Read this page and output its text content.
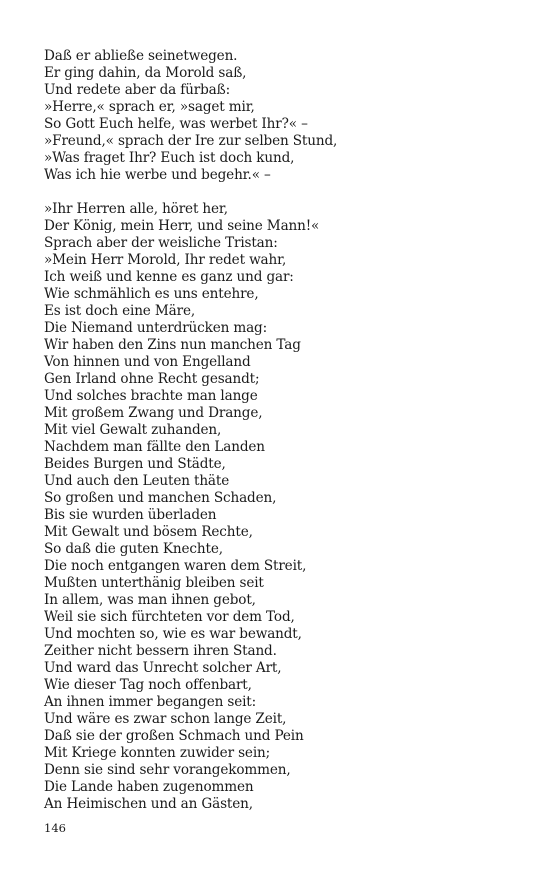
Daß er abließe seinetwegen.
Er ging dahin, da Morold saß,
Und redete aber da fürbaß:
»Herre,« sprach er, »saget mir,
So Gott Euch helfe, was werbet Ihr?« –
»Freund,« sprach der Ire zur selben Stund,
»Was fraget Ihr? Euch ist doch kund,
Was ich hie werbe und begehr.« –
»Ihr Herren alle, höret her,
Der König, mein Herr, und seine Mann!«
Sprach aber der weisliche Tristan:
»Mein Herr Morold, Ihr redet wahr,
Ich weiß und kenne es ganz und gar:
Wie schmählich es uns entehre,
Es ist doch eine Märe,
Die Niemand unterdrücken mag:
Wir haben den Zins nun manchen Tag
Von hinnen und von Engelland
Gen Irland ohne Recht gesandt;
Und solches brachte man lange
Mit großem Zwang und Drange,
Mit viel Gewalt zuhanden,
Nachdem man fällte den Landen
Beides Burgen und Städte,
Und auch den Leuten thäte
So großen und manchen Schaden,
Bis sie wurden überladen
Mit Gewalt und bösem Rechte,
So daß die guten Knechte,
Die noch entgangen waren dem Streit,
Mußten unterthänig bleiben seit
In allem, was man ihnen gebot,
Weil sie sich fürchteten vor dem Tod,
Und mochten so, wie es war bewandt,
Zeither nicht bessern ihren Stand.
Und ward das Unrecht solcher Art,
Wie dieser Tag noch offenbart,
An ihnen immer begangen seit:
Und wäre es zwar schon lange Zeit,
Daß sie der großen Schmach und Pein
Mit Kriege konnten zuwider sein;
Denn sie sind sehr vorangekommen,
Die Lande haben zugenommen
An Heimischen und an Gästen,
146
